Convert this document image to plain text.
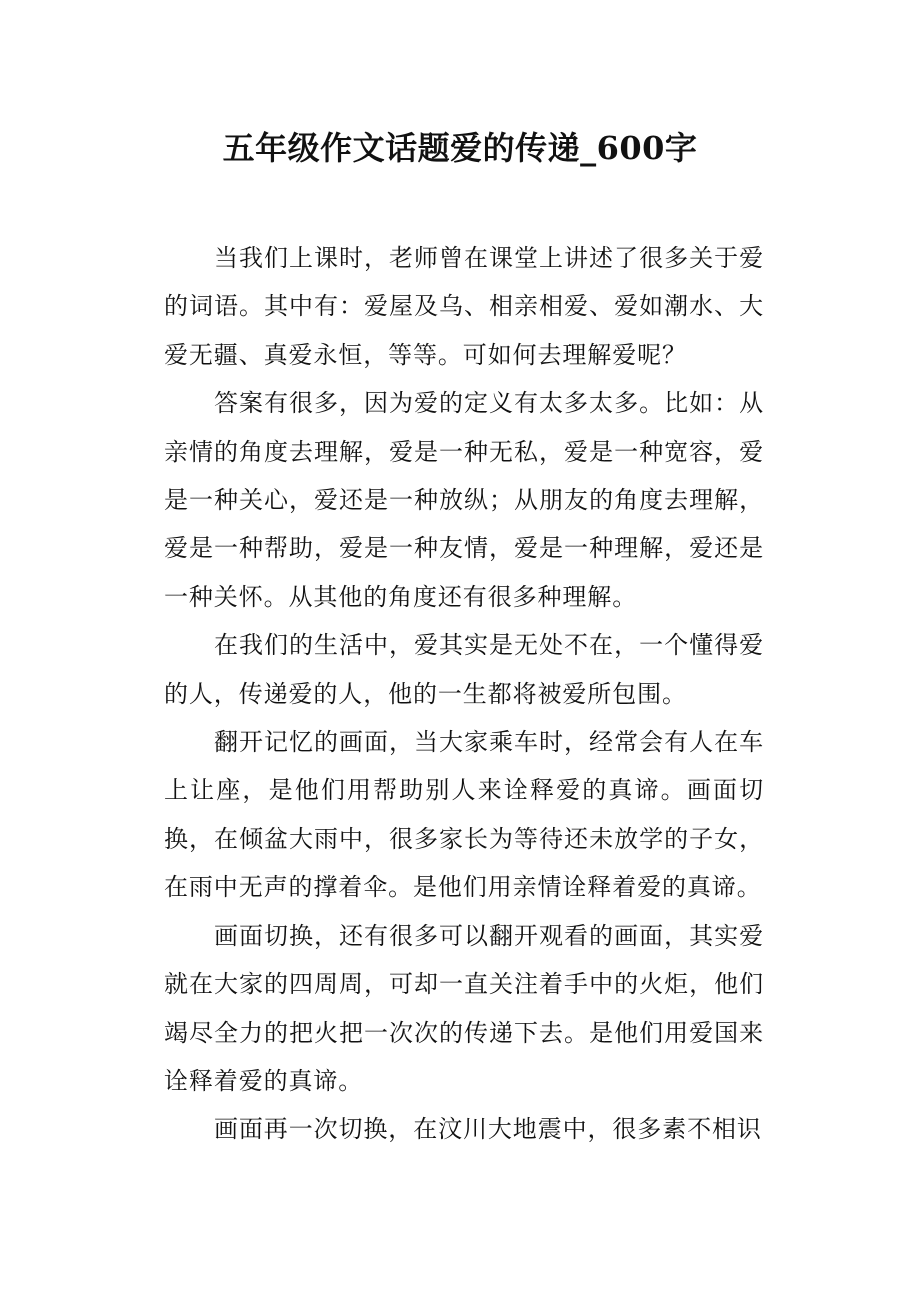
五年级作文话题爱的传递_600字

当我们上课时，老师曾在课堂上讲述了很多关于爱的词语。其中有：爱屋及乌、相亲相爱、爱如潮水、大爱无疆、真爱永恒，等等。可如何去理解爱呢？

答案有很多，因为爱的定义有太多太多。比如：从亲情的角度去理解，爱是一种无私，爱是一种宽容，爱是一种关心，爱还是一种放纵；从朋友的角度去理解，爱是一种帮助，爱是一种友情，爱是一种理解，爱还是一种关怀。从其他的角度还有很多种理解。

在我们的生活中，爱其实是无处不在，一个懂得爱的人，传递爱的人，他的一生都将被爱所包围。

翻开记忆的画面，当大家乘车时，经常会有人在车上让座，是他们用帮助别人来诠释爱的真谛。画面切换，在倾盆大雨中，很多家长为等待还未放学的子女，在雨中无声的撑着伞。是他们用亲情诠释着爱的真谛。

画面切换，还有很多可以翻开观看的画面，其实爱就在大家的四周周，可却一直关注着手中的火炬，他们竭尽全力的把火把一次次的传递下去。是他们用爱国来诠释着爱的真谛。

画面再一次切换，在汶川大地震中，很多素不相识
